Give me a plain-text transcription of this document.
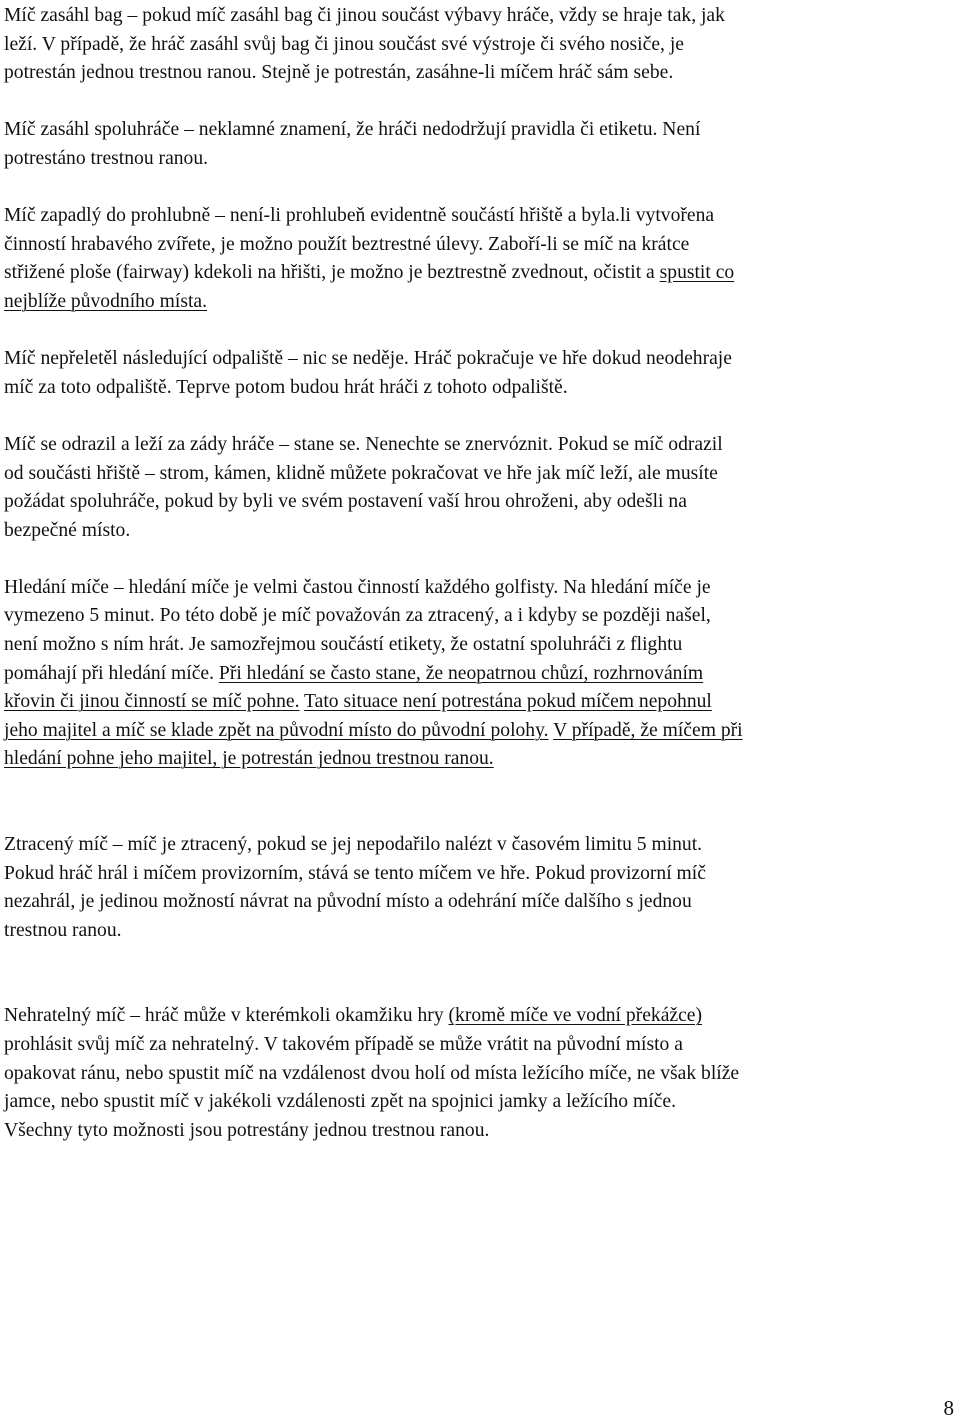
Míč zasáhl bag – pokud míč zasáhl bag či jinou součást výbavy hráče, vždy se hraje tak, jak
leží. V případě, že hráč zasáhl svůj bag či jinou součást své výstroje či svého nosiče, je
potrestán jednou trestnou ranou. Stejně je potrestán, zasáhne-li míčem hráč sám sebe.

Míč zasáhl spoluhráče – neklamné znamení, že hráči nedodržují pravidla či etiketu. Není
potrestáno trestnou ranou.

Míč zapadlý do prohlubně – není-li prohlubeň evidentně součástí hřiště a byla.li vytvořena
činností hrabavého zvířete, je možno použít beztrestné úlevy. Zaboří-li se míč na krátce
střižené ploše (fairway) kdekoli na hřišti, je možno je beztrestně zvednout, očistit a spustit co
nejblíže původního místa.

Míč nepřeletěl následující odpaliště – nic se neděje. Hráč pokračuje ve hře dokud neodehraje
míč za toto odpaliště. Teprve potom budou hrát hráči z tohoto odpaliště.

Míč se odrazil a leží za zády hráče – stane se. Nenechte se znervóznit. Pokud se míč odrazil
od součásti hřiště – strom, kámen, klidně můžete pokračovat ve hře jak míč leží, ale musíte
požádat spoluhráče, pokud by byli ve svém postavení vaší hrou ohroženi, aby odešli na
bezpečné místo.

Hledání míče – hledání míče je velmi častou činností každého golfisty. Na hledání míče je
vymezeno 5 minut. Po této době je míč považován za ztracený, a i kdyby se později našel,
není možno s ním hrát. Je samozřejmou součástí etikety, že ostatní spoluhráči z flightu
pomáhají při hledání míče. Při hledání se často stane, že neopatrnou chůzí, rozhrnováním
křovin či jinou činností se míč pohne. Tato situace není potrestána pokud míčem nepohnul
jeho majitel a míč se klade zpět na původní místo do původní polohy. V případě, že míčem při
hledání pohne jeho majitel, je potrestán jednou trestnou ranou.

Ztracený míč – míč je ztracený, pokud se jej nepodařilo nalézt v časovém limitu 5 minut.
Pokud hráč hrál i míčem provizorním, stává se tento míčem ve hře. Pokud provizorní míč
nezahrál, je jedinou možností návrat na původní místo a odehrání míče dalšího s jednou
trestnou ranou.

Nehratelný míč – hráč může v kterémkoli okamžiku hry (kromě míče ve vodní překážce)
prohlásit svůj míč za nehratelný. V takovém případě se může vrátit na původní místo a
opakovat ránu, nebo spustit míč na vzdálenost dvou holí od místa ležícího míče, ne však blíže
jamce, nebo spustit míč v jakékoli vzdálenosti zpět na spojnici jamky a ležícího míče.
Všechny tyto možnosti jsou potrestány jednou trestnou ranou.

8
